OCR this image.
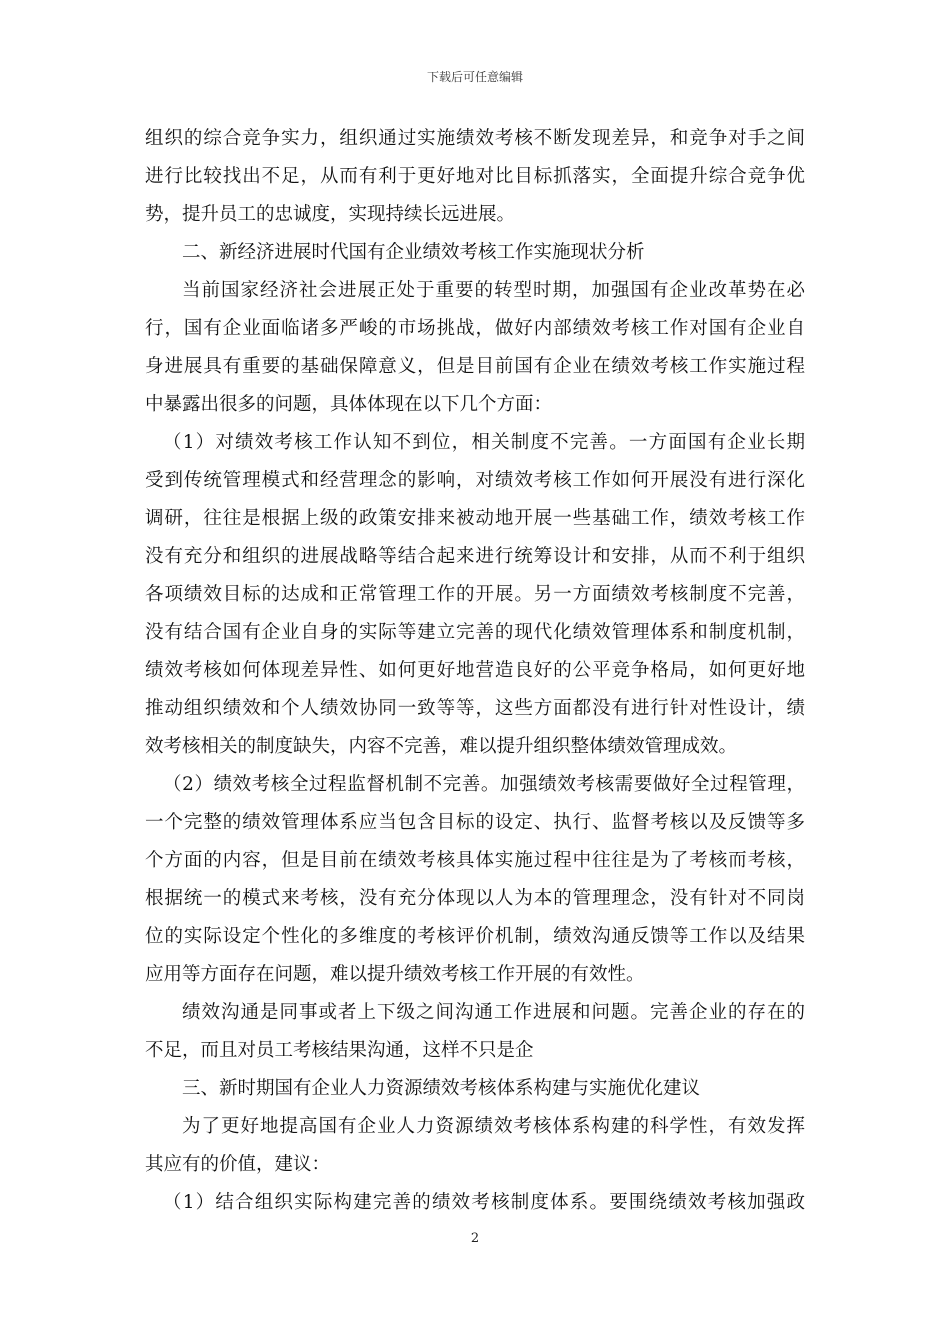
下载后可任意编辑
组织的综合竞争实力，组织通过实施绩效考核不断发现差异，和竞争对手之间
进行比较找出不足，从而有利于更好地对比目标抓落实，全面提升综合竞争优
势，提升员工的忠诚度，实现持续长远进展。
二、新经济进展时代国有企业绩效考核工作实施现状分析
当前国家经济社会进展正处于重要的转型时期，加强国有企业改革势在必
行，国有企业面临诸多严峻的市场挑战，做好内部绩效考核工作对国有企业自
身进展具有重要的基础保障意义，但是目前国有企业在绩效考核工作实施过程
中暴露出很多的问题，具体体现在以下几个方面：
（1）对绩效考核工作认知不到位，相关制度不完善。一方面国有企业长期
受到传统管理模式和经营理念的影响，对绩效考核工作如何开展没有进行深化
调研，往往是根据上级的政策安排来被动地开展一些基础工作，绩效考核工作
没有充分和组织的进展战略等结合起来进行统筹设计和安排，从而不利于组织
各项绩效目标的达成和正常管理工作的开展。另一方面绩效考核制度不完善，
没有结合国有企业自身的实际等建立完善的现代化绩效管理体系和制度机制，
绩效考核如何体现差异性、如何更好地营造良好的公平竞争格局，如何更好地
推动组织绩效和个人绩效协同一致等等，这些方面都没有进行针对性设计，绩
效考核相关的制度缺失，内容不完善，难以提升组织整体绩效管理成效。
（2）绩效考核全过程监督机制不完善。加强绩效考核需要做好全过程管理，
一个完整的绩效管理体系应当包含目标的设定、执行、监督考核以及反馈等多
个方面的内容，但是目前在绩效考核具体实施过程中往往是为了考核而考核，
根据统一的模式来考核，没有充分体现以人为本的管理理念，没有针对不同岗
位的实际设定个性化的多维度的考核评价机制，绩效沟通反馈等工作以及结果
应用等方面存在问题，难以提升绩效考核工作开展的有效性。
绩效沟通是同事或者上下级之间沟通工作进展和问题。完善企业的存在的
不足，而且对员工考核结果沟通，这样不只是企
三、新时期国有企业人力资源绩效考核体系构建与实施优化建议
为了更好地提高国有企业人力资源绩效考核体系构建的科学性，有效发挥
其应有的价值，建议：
（1）结合组织实际构建完善的绩效考核制度体系。要围绕绩效考核加强政
2
